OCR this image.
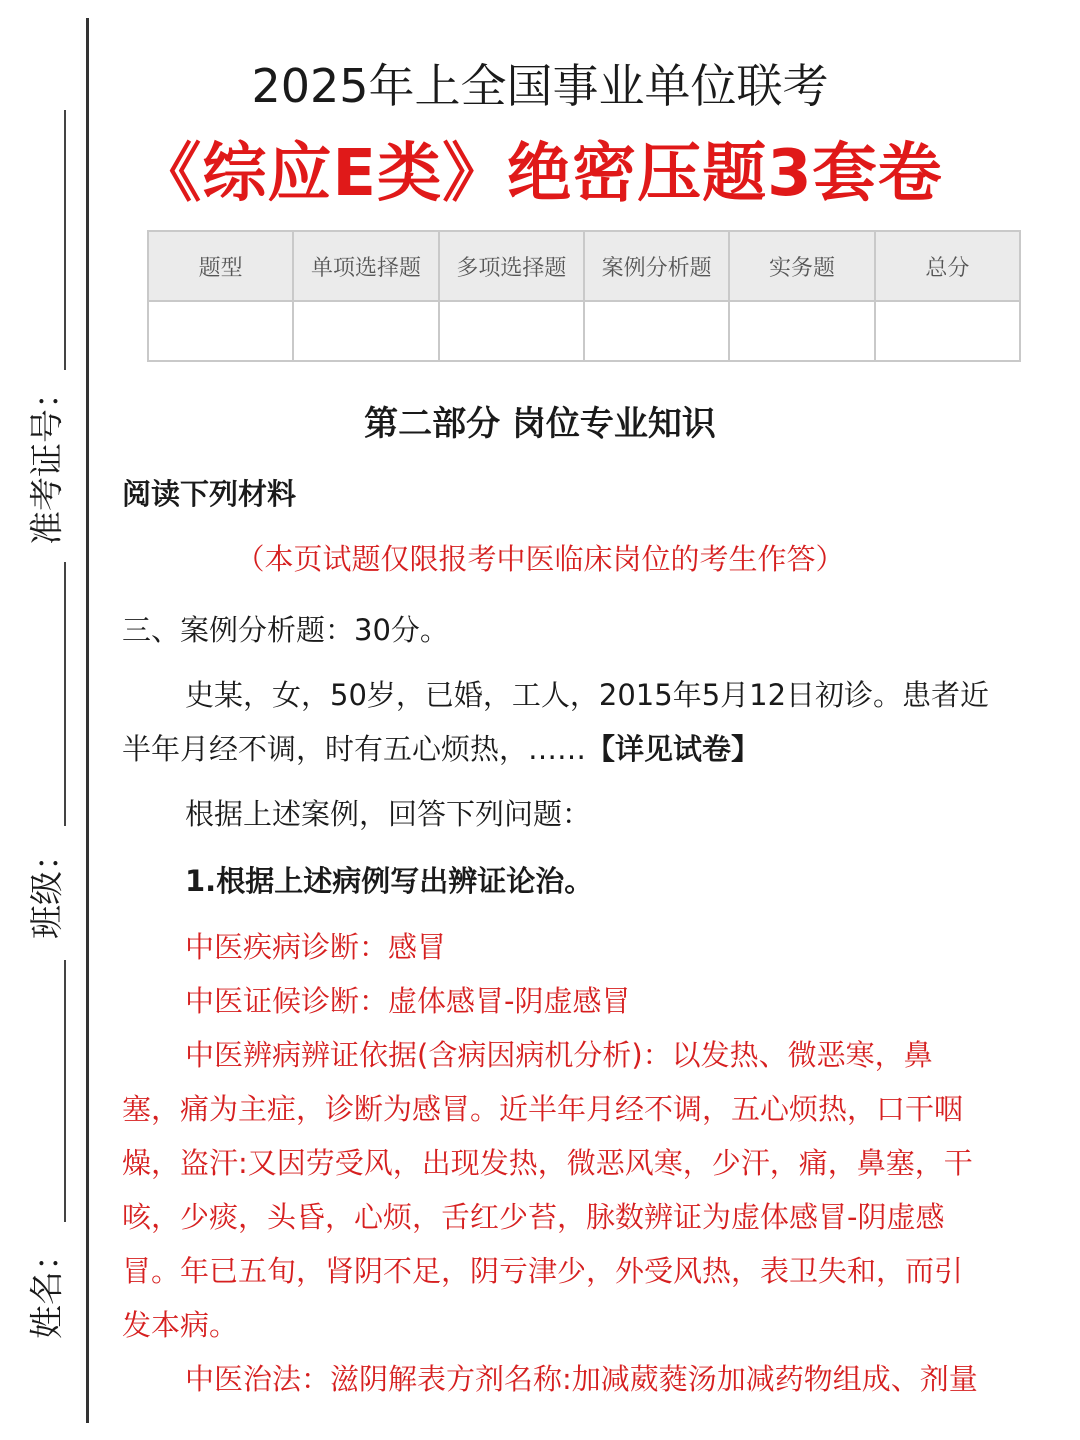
准考证号：
班级：
姓名：
2025年上全国事业单位联考
《综应E类》绝密压题3套卷
题型	单项选择题	多项选择题	案例分析题	实务题	总分

第二部分 岗位专业知识
阅读下列材料
（本页试题仅限报考中医临床岗位的考生作答）
三、案例分析题：30分。
史某，女，50岁，已婚，工人，2015年5月12日初诊。患者近
半年月经不调，时有五心烦热，……【详见试卷】
根据上述案例，回答下列问题：
1.根据上述病例写出辨证论治。
中医疾病诊断：感冒
中医证候诊断：虚体感冒-阴虚感冒
中医辨病辨证依据(含病因病机分析)：以发热、微恶寒，鼻
塞，痛为主症，诊断为感冒。近半年月经不调，五心烦热，口干咽
燥，盗汗:又因劳受风，出现发热，微恶风寒，少汗，痛，鼻塞，干
咳，少痰，头昏，心烦，舌红少苔，脉数辨证为虚体感冒-阴虚感
冒。年已五旬，肾阴不足，阴亏津少，外受风热，表卫失和，而引
发本病。
中医治法：滋阴解表方剂名称:加减葳蕤汤加减药物组成、剂量
